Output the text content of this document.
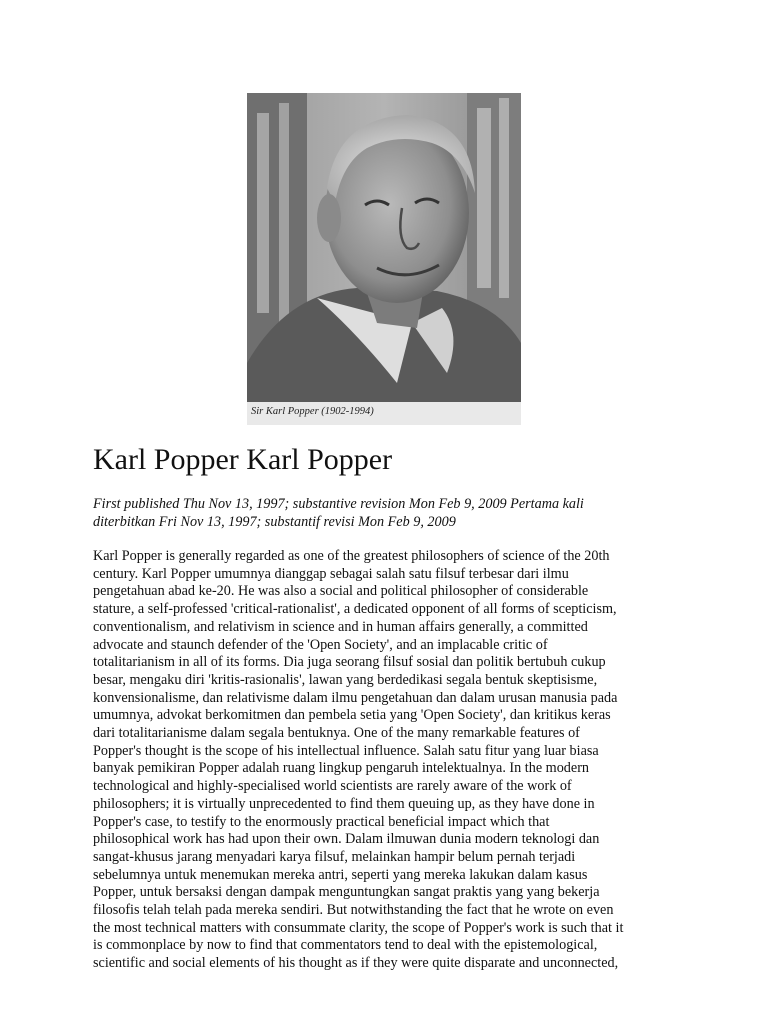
Sir Karl Popper (1902-1994)
Karl Popper Karl Popper

First published Thu Nov 13, 1997; substantive revision Mon Feb 9, 2009 Pertama kali
diterbitkan Fri Nov 13, 1997; substantif revisi Mon Feb 9, 2009

Karl Popper is generally regarded as one of the greatest philosophers of science of the 20th
century. Karl Popper umumnya dianggap sebagai salah satu filsuf terbesar dari ilmu
pengetahuan abad ke-20. He was also a social and political philosopher of considerable
stature, a self-professed 'critical-rationalist', a dedicated opponent of all forms of scepticism,
conventionalism, and relativism in science and in human affairs generally, a committed
advocate and staunch defender of the 'Open Society', and an implacable critic of
totalitarianism in all of its forms. Dia juga seorang filsuf sosial dan politik bertubuh cukup
besar, mengaku diri 'kritis-rasionalis', lawan yang berdedikasi segala bentuk skeptisisme,
konvensionalisme, dan relativisme dalam ilmu pengetahuan dan dalam urusan manusia pada
umumnya, advokat berkomitmen dan pembela setia yang 'Open Society', dan kritikus keras
dari totalitarianisme dalam segala bentuknya. One of the many remarkable features of
Popper's thought is the scope of his intellectual influence. Salah satu fitur yang luar biasa
banyak pemikiran Popper adalah ruang lingkup pengaruh intelektualnya. In the modern
technological and highly-specialised world scientists are rarely aware of the work of
philosophers; it is virtually unprecedented to find them queuing up, as they have done in
Popper's case, to testify to the enormously practical beneficial impact which that
philosophical work has had upon their own. Dalam ilmuwan dunia modern teknologi dan
sangat-khusus jarang menyadari karya filsuf, melainkan hampir belum pernah terjadi
sebelumnya untuk menemukan mereka antri, seperti yang mereka lakukan dalam kasus
Popper, untuk bersaksi dengan dampak menguntungkan sangat praktis yang yang bekerja
filosofis telah telah pada mereka sendiri. But notwithstanding the fact that he wrote on even
the most technical matters with consummate clarity, the scope of Popper's work is such that it
is commonplace by now to find that commentators tend to deal with the epistemological,
scientific and social elements of his thought as if they were quite disparate and unconnected,
